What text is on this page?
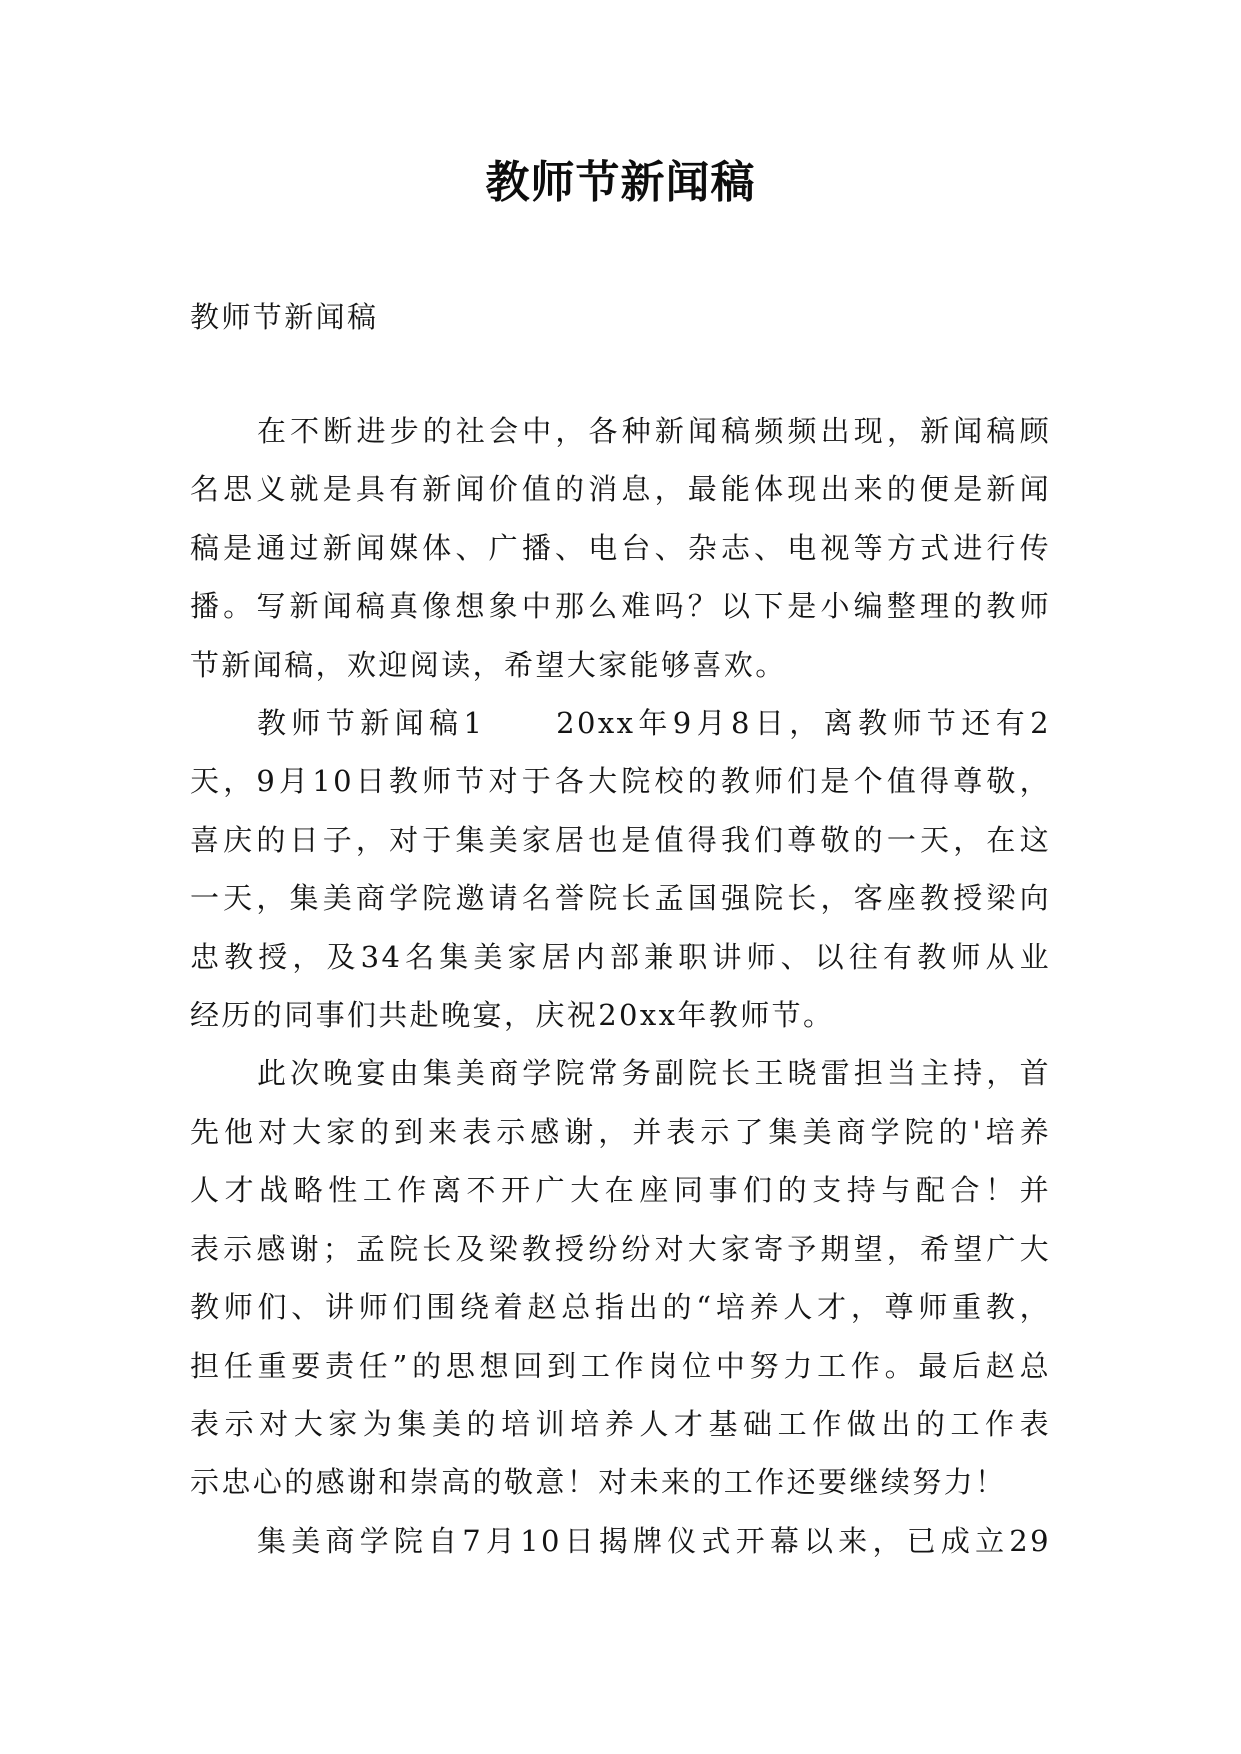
教师节新闻稿
教师节新闻稿
在不断进步的社会中，各种新闻稿频频出现，新闻稿顾
名思义就是具有新闻价值的消息，最能体现出来的便是新闻
稿是通过新闻媒体、广播、电台、杂志、电视等方式进行传
播。写新闻稿真像想象中那么难吗？以下是小编整理的教师
节新闻稿，欢迎阅读，希望大家能够喜欢。
教师节新闻稿1　　20xx年9月8日，离教师节还有2
天，9月10日教师节对于各大院校的教师们是个值得尊敬，
喜庆的日子，对于集美家居也是值得我们尊敬的一天，在这
一天，集美商学院邀请名誉院长孟国强院长，客座教授梁向
忠教授，及34名集美家居内部兼职讲师、以往有教师从业
经历的同事们共赴晚宴，庆祝20xx年教师节。
此次晚宴由集美商学院常务副院长王晓雷担当主持，首
先他对大家的到来表示感谢，并表示了集美商学院的'培养
人才战略性工作离不开广大在座同事们的支持与配合！并
表示感谢；孟院长及梁教授纷纷对大家寄予期望，希望广大
教师们、讲师们围绕着赵总指出的“培养人才，尊师重教，
担任重要责任”的思想回到工作岗位中努力工作。最后赵总
表示对大家为集美的培训培养人才基础工作做出的工作表
示忠心的感谢和崇高的敬意！对未来的工作还要继续努力！
集美商学院自7月10日揭牌仪式开幕以来，已成立29
